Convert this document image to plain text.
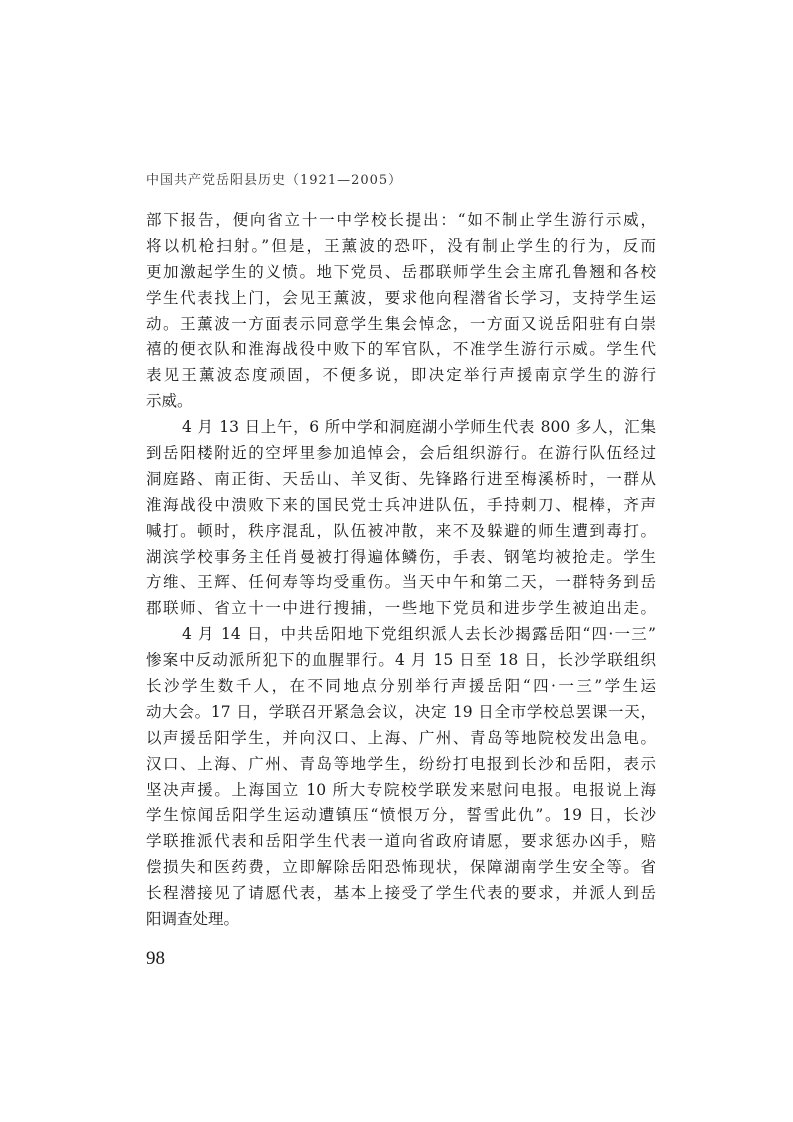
中国共产党岳阳县历史（1921—2005）
部下报告，便向省立十一中学校长提出：“如不制止学生游行示威，
将以机枪扫射。”但是，王薰波的恐吓，没有制止学生的行为，反而
更加激起学生的义愤。地下党员、岳郡联师学生会主席孔鲁翘和各校
学生代表找上门，会见王薰波，要求他向程潜省长学习，支持学生运
动。王薰波一方面表示同意学生集会悼念，一方面又说岳阳驻有白崇
禧的便衣队和淮海战役中败下的军官队，不准学生游行示威。学生代
表见王薰波态度顽固，不便多说，即决定举行声援南京学生的游行
示威。
4 月 13 日上午，6 所中学和洞庭湖小学师生代表 800 多人，汇集
到岳阳楼附近的空坪里参加追悼会，会后组织游行。在游行队伍经过
洞庭路、南正街、天岳山、羊叉街、先锋路行进至梅溪桥时，一群从
淮海战役中溃败下来的国民党士兵冲进队伍，手持刺刀、棍棒，齐声
喊打。顿时，秩序混乱，队伍被冲散，来不及躲避的师生遭到毒打。
湖滨学校事务主任肖曼被打得遍体鳞伤，手表、钢笔均被抢走。学生
方维、王辉、任何寿等均受重伤。当天中午和第二天，一群特务到岳
郡联师、省立十一中进行搜捕，一些地下党员和进步学生被迫出走。
4 月 14 日，中共岳阳地下党组织派人去长沙揭露岳阳“四·一三”
惨案中反动派所犯下的血腥罪行。4 月 15 日至 18 日，长沙学联组织
长沙学生数千人，在不同地点分别举行声援岳阳“四·一三”学生运
动大会。17 日，学联召开紧急会议，决定 19 日全市学校总罢课一天，
以声援岳阳学生，并向汉口、上海、广州、青岛等地院校发出急电。
汉口、上海、广州、青岛等地学生，纷纷打电报到长沙和岳阳，表示
坚决声援。上海国立 10 所大专院校学联发来慰问电报。电报说上海
学生惊闻岳阳学生运动遭镇压“愤恨万分，誓雪此仇”。19 日，长沙
学联推派代表和岳阳学生代表一道向省政府请愿，要求惩办凶手，赔
偿损失和医药费，立即解除岳阳恐怖现状，保障湖南学生安全等。省
长程潜接见了请愿代表，基本上接受了学生代表的要求，并派人到岳
阳调查处理。
98
